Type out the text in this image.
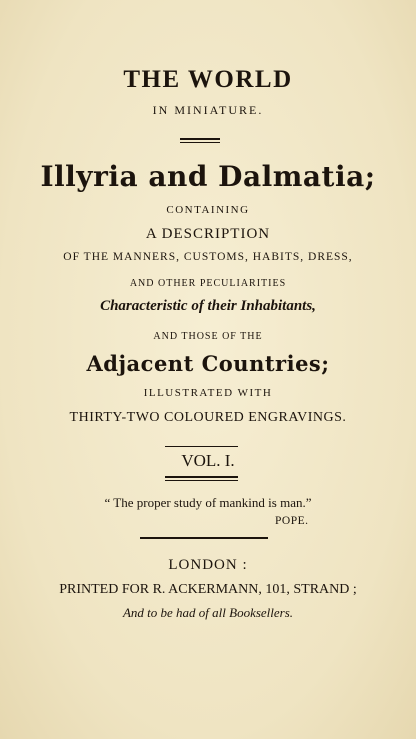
THE WORLD
IN MINIATURE.
Illyria and Dalmatia;
CONTAINING
A DESCRIPTION
OF THE MANNERS, CUSTOMS, HABITS, DRESS,
AND OTHER PECULIARITIES
Characteristic of their Inhabitants,
AND THOSE OF THE
Adjacent Countries;
ILLUSTRATED WITH
THIRTY-TWO COLOURED ENGRAVINGS.
VOL. I.
“ The proper study of mankind is man.”
POPE.
LONDON :
PRINTED FOR R. ACKERMANN, 101, STRAND ;
And to be had of all Booksellers.
